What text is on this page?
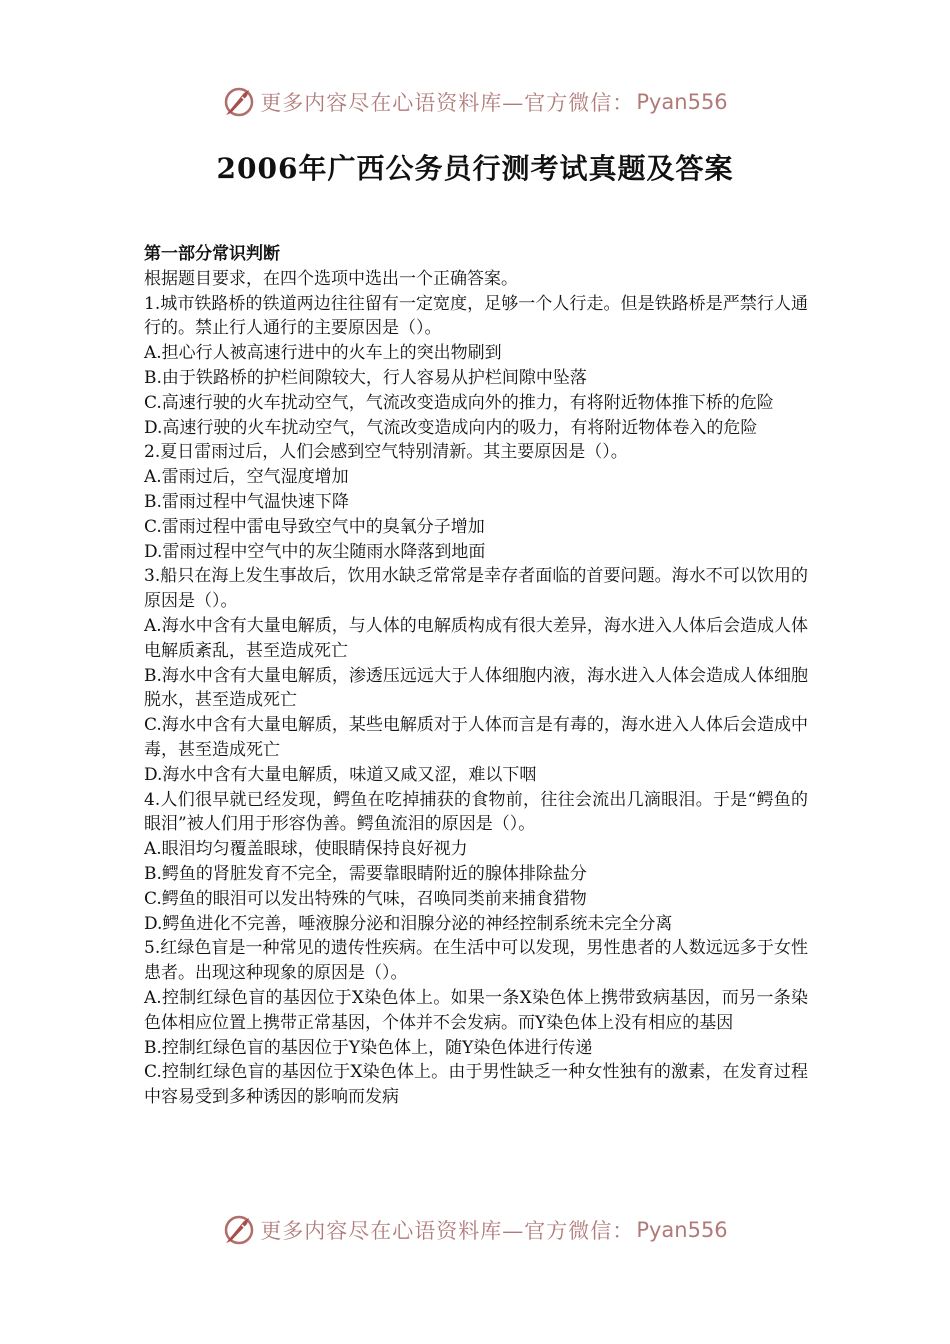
更多内容尽在心语资料库—官方微信： Pyan556
2006年广西公务员行测考试真题及答案

第一部分常识判断

根据题目要求，在四个选项中选出一个正确答案。

1.城市铁路桥的铁道两边往往留有一定宽度，足够一个人行走。但是铁路桥是严禁行人通行的。禁止行人通行的主要原因是（）。

A.担心行人被高速行进中的火车上的突出物刷到

B.由于铁路桥的护栏间隙较大，行人容易从护栏间隙中坠落

C.高速行驶的火车扰动空气，气流改变造成向外的推力，有将附近物体推下桥的危险

D.高速行驶的火车扰动空气，气流改变造成向内的吸力，有将附近物体卷入的危险

2.夏日雷雨过后，人们会感到空气特别清新。其主要原因是（）。

A.雷雨过后，空气湿度增加

B.雷雨过程中气温快速下降

C.雷雨过程中雷电导致空气中的臭氧分子增加

D.雷雨过程中空气中的灰尘随雨水降落到地面

3.船只在海上发生事故后，饮用水缺乏常常是幸存者面临的首要问题。海水不可以饮用的原因是（）。

A.海水中含有大量电解质，与人体的电解质构成有很大差异，海水进入人体后会造成人体电解质紊乱，甚至造成死亡

B.海水中含有大量电解质，渗透压远远大于人体细胞内液，海水进入人体会造成人体细胞脱水，甚至造成死亡

C.海水中含有大量电解质，某些电解质对于人体而言是有毒的，海水进入人体后会造成中毒，甚至造成死亡

D.海水中含有大量电解质，味道又咸又涩，难以下咽

4.人们很早就已经发现，鳄鱼在吃掉捕获的食物前，往往会流出几滴眼泪。于是“鳄鱼的眼泪”被人们用于形容伪善。鳄鱼流泪的原因是（）。

A.眼泪均匀覆盖眼球，使眼睛保持良好视力

B.鳄鱼的肾脏发育不完全，需要靠眼睛附近的腺体排除盐分

C.鳄鱼的眼泪可以发出特殊的气味，召唤同类前来捕食猎物

D.鳄鱼进化不完善，唾液腺分泌和泪腺分泌的神经控制系统未完全分离

5.红绿色盲是一种常见的遗传性疾病。在生活中可以发现，男性患者的人数远远多于女性患者。出现这种现象的原因是（）。

A.控制红绿色盲的基因位于X染色体上。如果一条X染色体上携带致病基因，而另一条染色体相应位置上携带正常基因，个体并不会发病。而Y染色体上没有相应的基因

B.控制红绿色盲的基因位于Y染色体上，随Y染色体进行传递

C.控制红绿色盲的基因位于X染色体上。由于男性缺乏一种女性独有的激素，在发育过程中容易受到多种诱因的影响而发病

更多内容尽在心语资料库—官方微信： Pyan556
